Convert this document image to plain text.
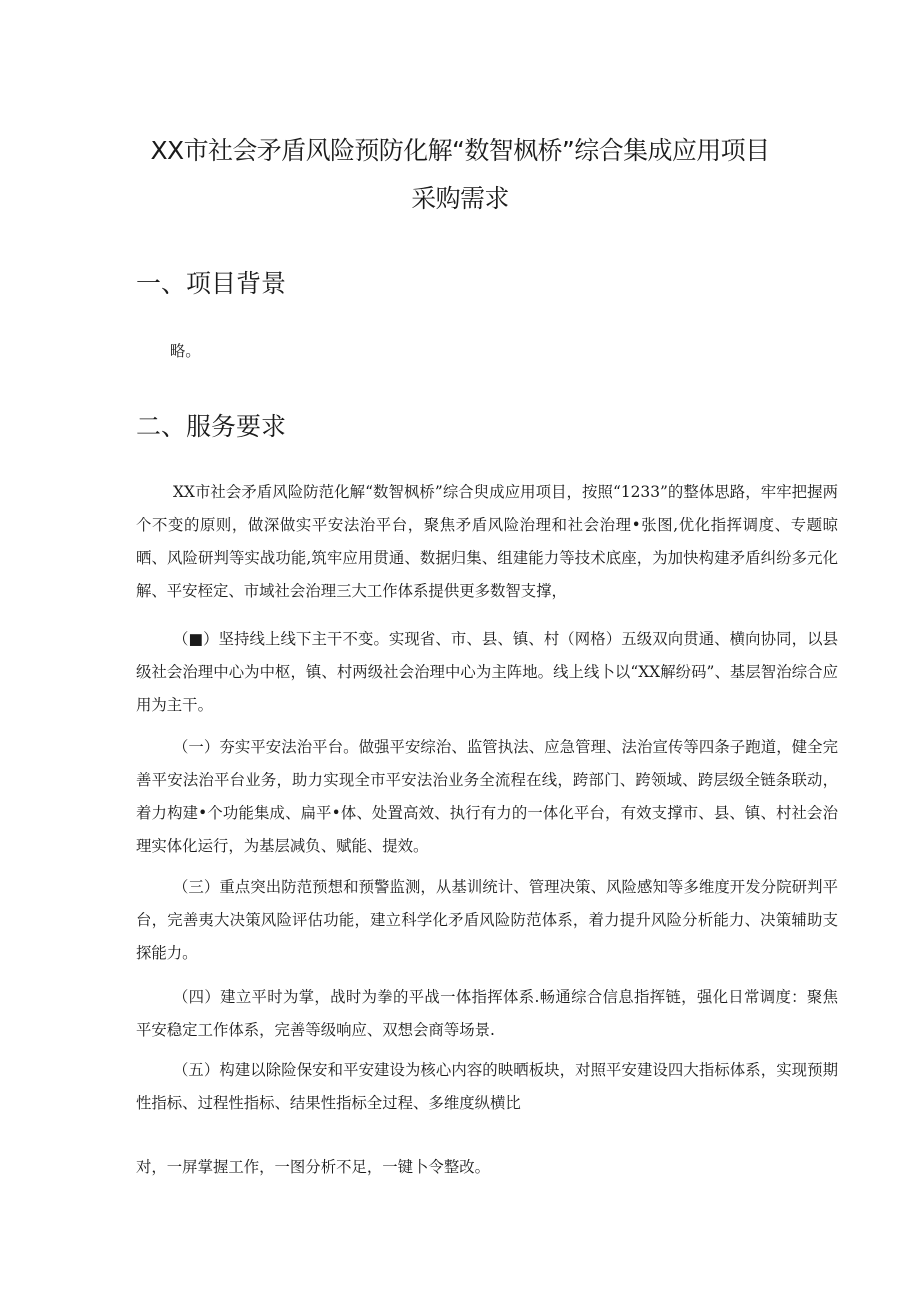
XX市社会矛盾风险预防化解“数智枫桥”综合集成应用项目
采购需求
一、项目背景

略。

二、服务要求

XX市社会矛盾风险防范化解“数智枫桥”综合臾成应用项目，按照“1233”的整体思路，牢牢把握两个不变的原则，做深做实平安法治平台，聚焦矛盾风险治理和社会治理•张图,优化指挥调度、专题晾晒、风险研判等实战功能,筑牢应用贯通、数据归集、组建能力等技术底座，为加快构建矛盾纠纷多元化解、平安桎定、市域社会治理三大工作体系提供更多数智支撑，

（■）坚持线上线下主干不变。实现省、市、县、镇、村（网格）五级双向贯通、横向协同，以县级社会治理中心为中枢，镇、村两级社会治理中心为主阵地。线上线卜以“XX解纷码”、基层智治综合应用为主干。

（一）夯实平安法治平台。做强平安综治、监管执法、应急管理、法治宣传等四条子跑道，健全完善平安法治平台业务，助力实现全市平安法治业务全流程在线，跨部门、跨领域、跨层级全链条联动，着力构建•个功能集成、扁平•体、处置高效、执行有力的一体化平台，有效支撑市、县、镇、村社会治理实体化运行，为基层减负、赋能、提效。

（三）重点突出防范预想和预警监测，从基训统计、管理决策、风险感知等多维度开发分院研判平台，完善夷大决策风险评估功能，建立科学化矛盾风险防范体系，着力提升风险分析能力、决策辅助支探能力。

（四）建立平时为掌，战时为拳的平战一体指挥体系.畅通综合信息指挥链，强化日常调度：聚焦平安稳定工作体系，完善等级响应、双想会商等场景.

（五）构建以除险保安和平安建设为核心内容的映晒板块，对照平安建设四大指标体系，实现预期性指标、过程性指标、结果性指标全过程、多维度纵横比

对，一屏掌握工作，一图分析不足，一键卜令整改。
